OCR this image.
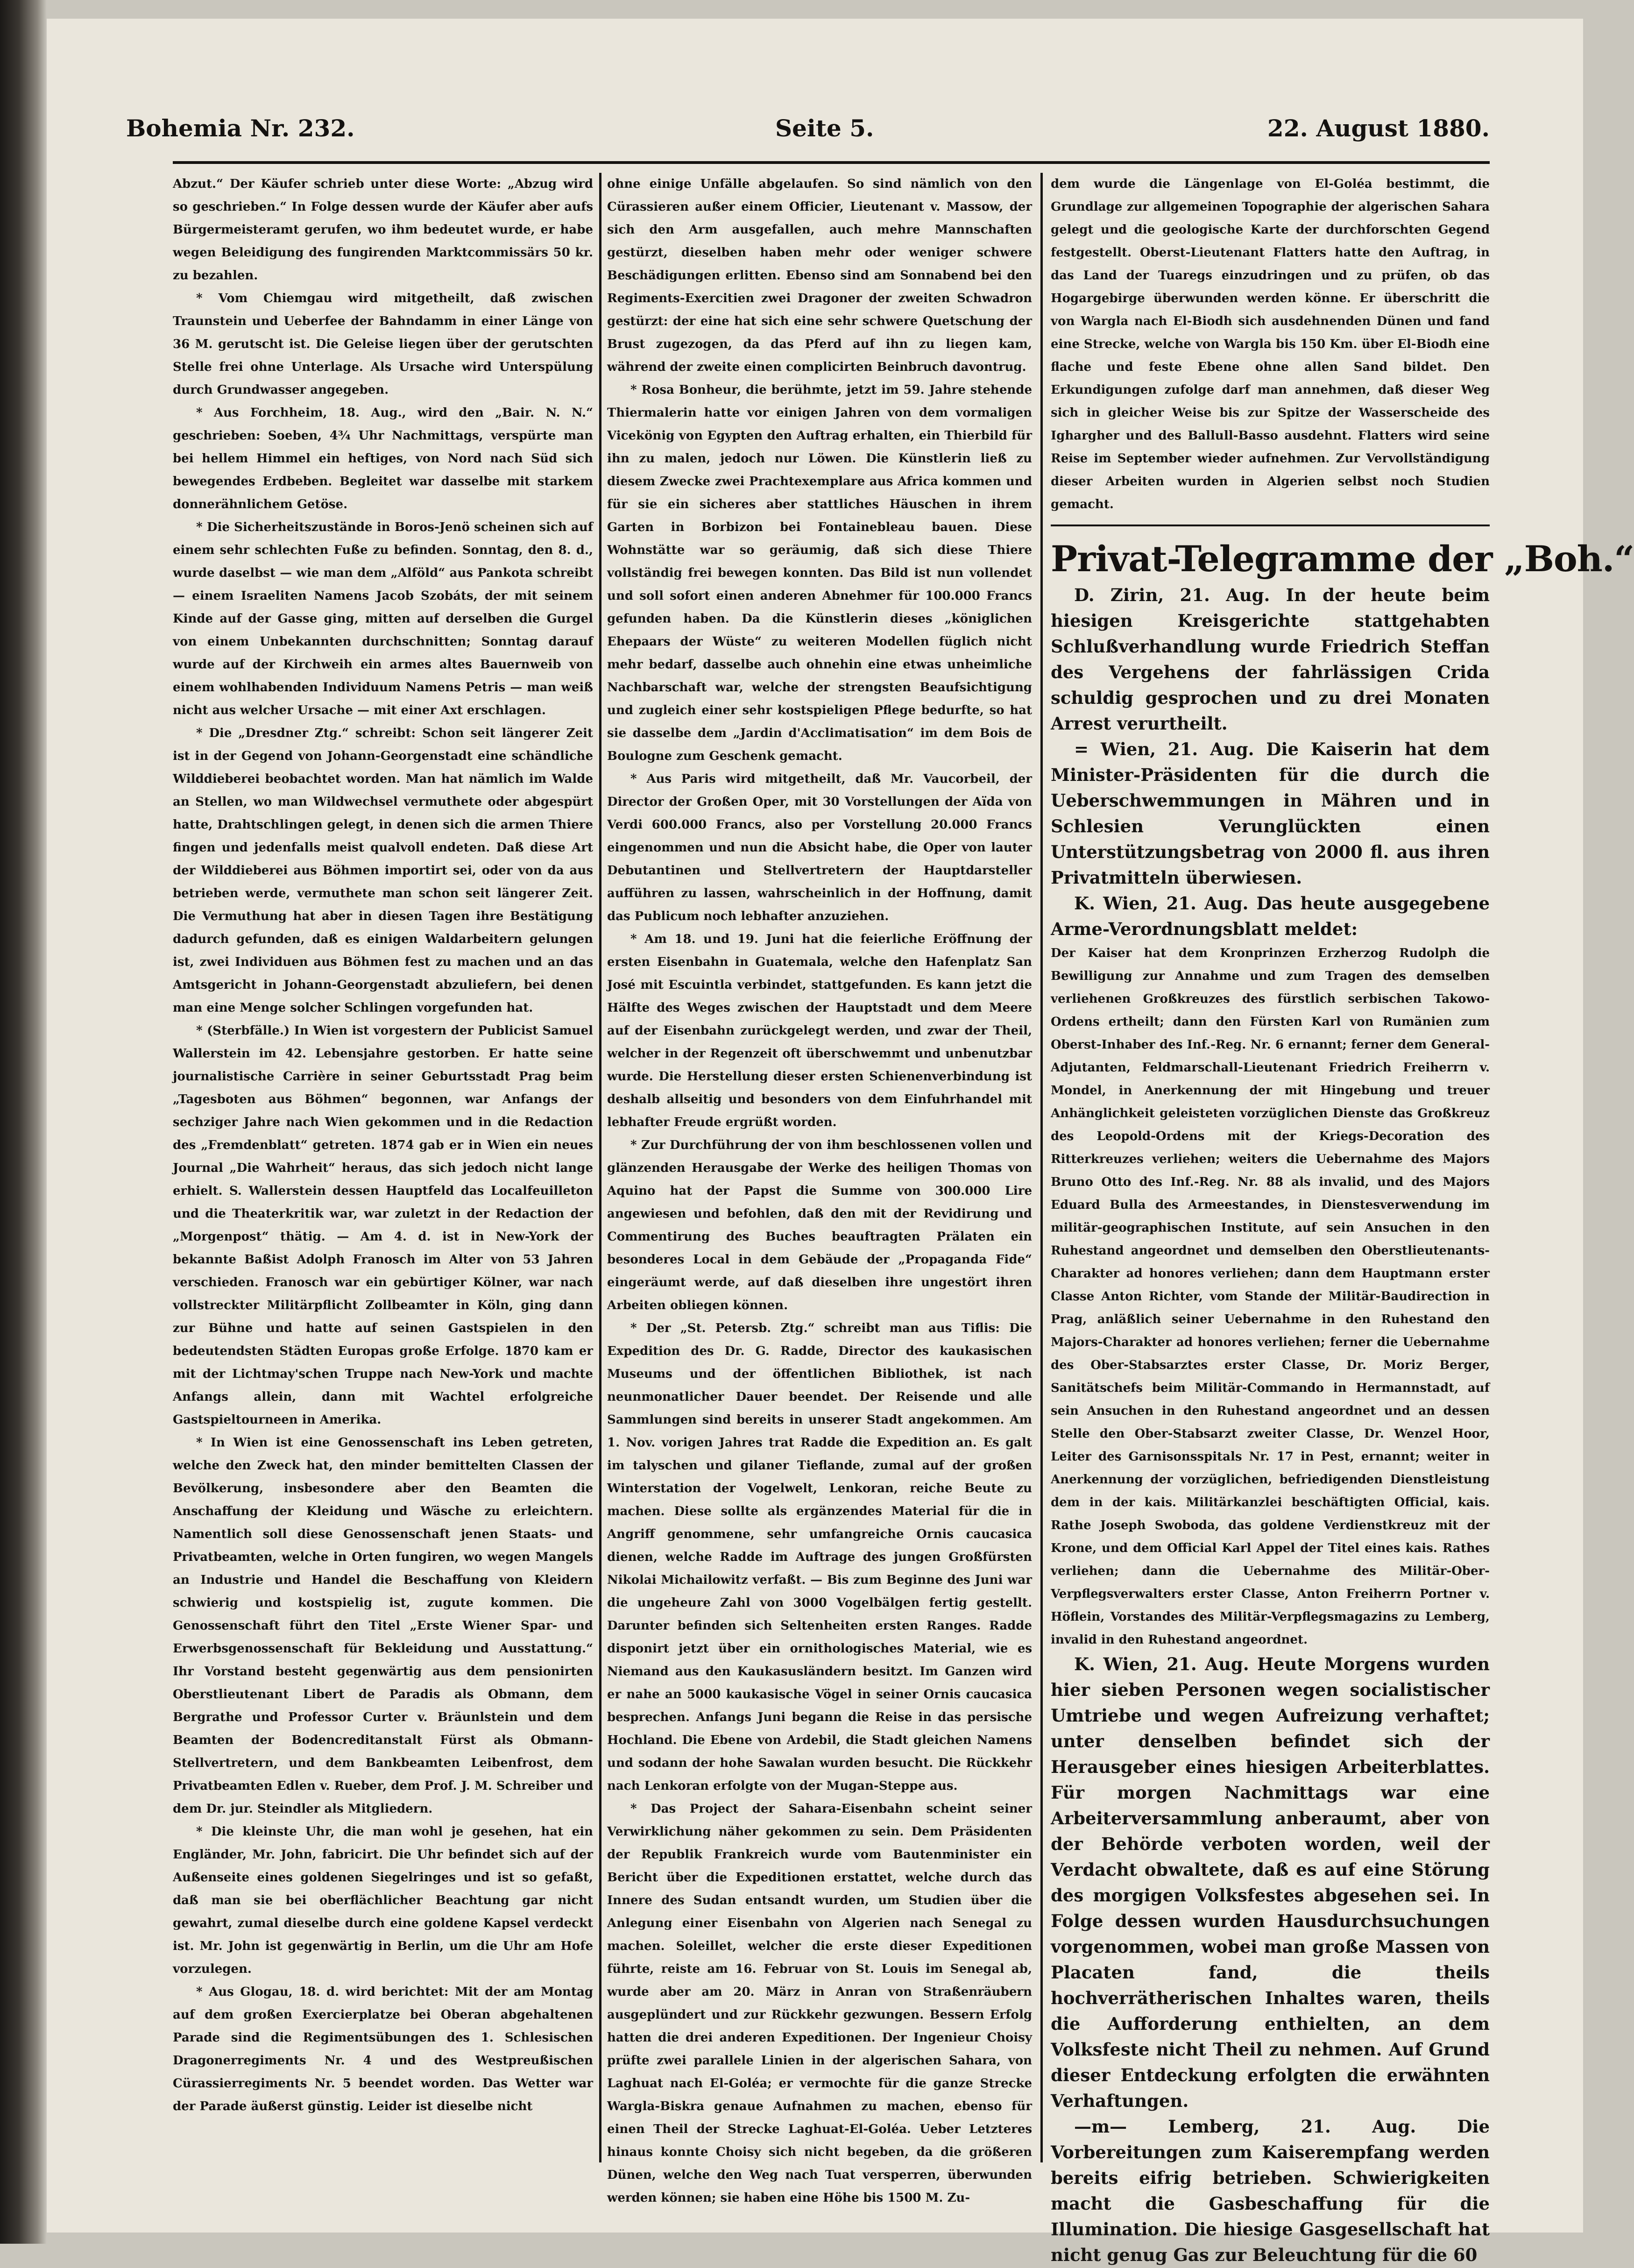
Bohemia Nr. 232.	Seite 5.	22. August 1880.

Abzut.“ Der Käufer schrieb unter diese Worte: „Abzug wird so geschrieben.“ In Folge dessen wurde der Käufer aber aufs Bürgermeisteramt gerufen, wo ihm bedeutet wurde, er habe wegen Beleidigung des fungirenden Marktcommissärs 50 kr. zu bezahlen.

* Vom Chiemgau wird mitgetheilt, daß zwischen Traunstein und Ueberfee der Bahndamm in einer Länge von 36 M. gerutscht ist. Die Geleise liegen über der gerutschten Stelle frei ohne Unterlage. Als Ursache wird Unterspülung durch Grundwasser angegeben.

* Aus Forchheim, 18. Aug., wird den „Bair. N. N.“ geschrieben: Soeben, 4¾ Uhr Nachmittags, verspürte man bei hellem Himmel ein heftiges, von Nord nach Süd sich bewegendes Erdbeben. Begleitet war dasselbe mit starkem donnerähnlichem Getöse.

* Die Sicherheitszustände in Boros-Jenö scheinen sich auf einem sehr schlechten Fuße zu befinden. Sonntag, den 8. d., wurde daselbst — wie man dem „Alföld“ aus Pankota schreibt — einem Israeliten Namens Jacob Szobáts, der mit seinem Kinde auf der Gasse ging, mitten auf derselben die Gurgel von einem Unbekannten durchschnitten; Sonntag darauf wurde auf der Kirchweih ein armes altes Bauernweib von einem wohlhabenden Individuum Namens Petris — man weiß nicht aus welcher Ursache — mit einer Axt erschlagen.

* Die „Dresdner Ztg.“ schreibt: Schon seit längerer Zeit ist in der Gegend von Johann-Georgenstadt eine schändliche Wilddieberei beobachtet worden. Man hat nämlich im Walde an Stellen, wo man Wildwechsel vermuthete oder abgespürt hatte, Drahtschlingen gelegt, in denen sich die armen Thiere fingen und jedenfalls meist qualvoll endeten. Daß diese Art der Wilddieberei aus Böhmen importirt sei, oder von da aus betrieben werde, vermuthete man schon seit längerer Zeit. Die Vermuthung hat aber in diesen Tagen ihre Bestätigung dadurch gefunden, daß es einigen Waldarbeitern gelungen ist, zwei Individuen aus Böhmen fest zu machen und an das Amtsgericht in Johann-Georgenstadt abzuliefern, bei denen man eine Menge solcher Schlingen vorgefunden hat.

* (Sterbfälle.) In Wien ist vorgestern der Publicist Samuel Wallerstein im 42. Lebensjahre gestorben. Er hatte seine journalistische Carrière in seiner Geburtsstadt Prag beim „Tagesboten aus Böhmen“ begonnen, war Anfangs der sechziger Jahre nach Wien gekommen und in die Redaction des „Fremdenblatt“ getreten. 1874 gab er in Wien ein neues Journal „Die Wahrheit“ heraus, das sich jedoch nicht lange erhielt. S. Wallerstein dessen Hauptfeld das Localfeuilleton und die Theaterkritik war, war zuletzt in der Redaction der „Morgenpost“ thätig. — Am 4. d. ist in New-York der bekannte Baßist Adolph Franosch im Alter von 53 Jahren verschieden. Franosch war ein gebürtiger Kölner, war nach vollstreckter Militärpflicht Zollbeamter in Köln, ging dann zur Bühne und hatte auf seinen Gastspielen in den bedeutendsten Städten Europas große Erfolge. 1870 kam er mit der Lichtmay'schen Truppe nach New-York und machte Anfangs allein, dann mit Wachtel erfolgreiche Gastspieltourneen in Amerika.

* In Wien ist eine Genossenschaft ins Leben getreten, welche den Zweck hat, den minder bemittelten Classen der Bevölkerung, insbesondere aber den Beamten die Anschaffung der Kleidung und Wäsche zu erleichtern. Namentlich soll diese Genossenschaft jenen Staats- und Privatbeamten, welche in Orten fungiren, wo wegen Mangels an Industrie und Handel die Beschaffung von Kleidern schwierig und kostspielig ist, zugute kommen. Die Genossenschaft führt den Titel „Erste Wiener Spar- und Erwerbsgenossenschaft für Bekleidung und Ausstattung.“ Ihr Vorstand besteht gegenwärtig aus dem pensionirten Oberstlieutenant Libert de Paradis als Obmann, dem Bergrathe und Professor Curter v. Bräunlstein und dem Beamten der Bodencreditanstalt Fürst als Obmann-Stellvertretern, und dem Bankbeamten Leibenfrost, dem Privatbeamten Edlen v. Rueber, dem Prof. J. M. Schreiber und dem Dr. jur. Steindler als Mitgliedern.

* Die kleinste Uhr, die man wohl je gesehen, hat ein Engländer, Mr. John, fabricirt. Die Uhr befindet sich auf der Außenseite eines goldenen Siegelringes und ist so gefaßt, daß man sie bei oberflächlicher Beachtung gar nicht gewahrt, zumal dieselbe durch eine goldene Kapsel verdeckt ist. Mr. John ist gegenwärtig in Berlin, um die Uhr am Hofe vorzulegen.

* Aus Glogau, 18. d. wird berichtet: Mit der am Montag auf dem großen Exercierplatze bei Oberan abgehaltenen Parade sind die Regimentsübungen des 1. Schlesischen Dragonerregiments Nr. 4 und des Westpreußischen Cürassierregiments Nr. 5 beendet worden. Das Wetter war der Parade äußerst günstig. Leider ist dieselbe nicht

ohne einige Unfälle abgelaufen. So sind nämlich von den Cürassieren außer einem Officier, Lieutenant v. Massow, der sich den Arm ausgefallen, auch mehre Mannschaften gestürzt, dieselben haben mehr oder weniger schwere Beschädigungen erlitten. Ebenso sind am Sonnabend bei den Regiments-Exercitien zwei Dragoner der zweiten Schwadron gestürzt: der eine hat sich eine sehr schwere Quetschung der Brust zugezogen, da das Pferd auf ihn zu liegen kam, während der zweite einen complicirten Beinbruch davontrug.

* Rosa Bonheur, die berühmte, jetzt im 59. Jahre stehende Thiermalerin hatte vor einigen Jahren von dem vormaligen Vicekönig von Egypten den Auftrag erhalten, ein Thierbild für ihn zu malen, jedoch nur Löwen. Die Künstlerin ließ zu diesem Zwecke zwei Prachtexemplare aus Africa kommen und für sie ein sicheres aber stattliches Häuschen in ihrem Garten in Borbizon bei Fontainebleau bauen. Diese Wohnstätte war so geräumig, daß sich diese Thiere vollständig frei bewegen konnten. Das Bild ist nun vollendet und soll sofort einen anderen Abnehmer für 100.000 Francs gefunden haben. Da die Künstlerin dieses „königlichen Ehepaars der Wüste“ zu weiteren Modellen füglich nicht mehr bedarf, dasselbe auch ohnehin eine etwas unheimliche Nachbarschaft war, welche der strengsten Beaufsichtigung und zugleich einer sehr kostspieligen Pflege bedurfte, so hat sie dasselbe dem „Jardin d'Acclimatisation“ im dem Bois de Boulogne zum Geschenk gemacht.

* Aus Paris wird mitgetheilt, daß Mr. Vaucorbeil, der Director der Großen Oper, mit 30 Vorstellungen der Aïda von Verdi 600.000 Francs, also per Vorstellung 20.000 Francs eingenommen und nun die Absicht habe, die Oper von lauter Debutantinen und Stellvertretern der Hauptdarsteller aufführen zu lassen, wahrscheinlich in der Hoffnung, damit das Publicum noch lebhafter anzuziehen.

* Am 18. und 19. Juni hat die feierliche Eröffnung der ersten Eisenbahn in Guatemala, welche den Hafenplatz San José mit Escuintla verbindet, stattgefunden. Es kann jetzt die Hälfte des Weges zwischen der Hauptstadt und dem Meere auf der Eisenbahn zurückgelegt werden, und zwar der Theil, welcher in der Regenzeit oft überschwemmt und unbenutzbar wurde. Die Herstellung dieser ersten Schienenverbindung ist deshalb allseitig und besonders von dem Einfuhrhandel mit lebhafter Freude ergrüßt worden.

* Zur Durchführung der von ihm beschlossenen vollen und glänzenden Herausgabe der Werke des heiligen Thomas von Aquino hat der Papst die Summe von 300.000 Lire angewiesen und befohlen, daß den mit der Revidirung und Commentirung des Buches beauftragten Prälaten ein besonderes Local in dem Gebäude der „Propaganda Fide“ eingeräumt werde, auf daß dieselben ihre ungestört ihren Arbeiten obliegen können.

* Der „St. Petersb. Ztg.“ schreibt man aus Tiflis: Die Expedition des Dr. G. Radde, Director des kaukasischen Museums und der öffentlichen Bibliothek, ist nach neunmonatlicher Dauer beendet. Der Reisende und alle Sammlungen sind bereits in unserer Stadt angekommen. Am 1. Nov. vorigen Jahres trat Radde die Expedition an. Es galt im talyschen und gilaner Tieflande, zumal auf der großen Winterstation der Vogelwelt, Lenkoran, reiche Beute zu machen. Diese sollte als ergänzendes Material für die in Angriff genommene, sehr umfangreiche Ornis caucasica dienen, welche Radde im Auftrage des jungen Großfürsten Nikolai Michailowitz verfaßt. — Bis zum Beginne des Juni war die ungeheure Zahl von 3000 Vogelbälgen fertig gestellt. Darunter befinden sich Seltenheiten ersten Ranges. Radde disponirt jetzt über ein ornithologisches Material, wie es Niemand aus den Kaukasusländern besitzt. Im Ganzen wird er nahe an 5000 kaukasische Vögel in seiner Ornis caucasica besprechen. Anfangs Juni begann die Reise in das persische Hochland. Die Ebene von Ardebil, die Stadt gleichen Namens und sodann der hohe Sawalan wurden besucht. Die Rückkehr nach Lenkoran erfolgte von der Mugan-Steppe aus.

* Das Project der Sahara-Eisenbahn scheint seiner Verwirklichung näher gekommen zu sein. Dem Präsidenten der Republik Frankreich wurde vom Bautenminister ein Bericht über die Expeditionen erstattet, welche durch das Innere des Sudan entsandt wurden, um Studien über die Anlegung einer Eisenbahn von Algerien nach Senegal zu machen. Soleillet, welcher die erste dieser Expeditionen führte, reiste am 16. Februar von St. Louis im Senegal ab, wurde aber am 20. März in Anran von Straßenräubern ausgeplündert und zur Rückkehr gezwungen. Bessern Erfolg hatten die drei anderen Expeditionen. Der Ingenieur Choisy prüfte zwei parallele Linien in der algerischen Sahara, von Laghuat nach El-Goléa; er vermochte für die ganze Strecke Wargla-Biskra genaue Aufnahmen zu machen, ebenso für einen Theil der Strecke Laghuat-El-Goléa. Ueber Letzteres hinaus konnte Choisy sich nicht begeben, da die größeren Dünen, welche den Weg nach Tuat versperren, überwunden werden können; sie haben eine Höhe bis 1500 M. Zu-

dem wurde die Längenlage von El-Goléa bestimmt, die Grundlage zur allgemeinen Topographie der algerischen Sahara gelegt und die geologische Karte der durchforschten Gegend festgestellt. Oberst-Lieutenant Flatters hatte den Auftrag, in das Land der Tuaregs einzudringen und zu prüfen, ob das Hogargebirge überwunden werden könne. Er überschritt die von Wargla nach El-Biodh sich ausdehnenden Dünen und fand eine Strecke, welche von Wargla bis 150 Km. über El-Biodh eine flache und feste Ebene ohne allen Sand bildet. Den Erkundigungen zufolge darf man annehmen, daß dieser Weg sich in gleicher Weise bis zur Spitze der Wasserscheide des Ighargher und des Ballull-Basso ausdehnt. Flatters wird seine Reise im September wieder aufnehmen. Zur Vervollständigung dieser Arbeiten wurden in Algerien selbst noch Studien gemacht.

Privat-Telegramme der „Boh.“

D. Zirin, 21. Aug. In der heute beim hiesigen Kreisgerichte stattgehabten Schlußverhandlung wurde Friedrich Steffan des Vergehens der fahrlässigen Crida schuldig gesprochen und zu drei Monaten Arrest verurtheilt.

= Wien, 21. Aug. Die Kaiserin hat dem Minister-Präsidenten für die durch die Ueberschwemmungen in Mähren und in Schlesien Verunglückten einen Unterstützungsbetrag von 2000 fl. aus ihren Privatmitteln überwiesen.

K. Wien, 21. Aug. Das heute ausgegebene Arme-Verordnungsblatt meldet:

Der Kaiser hat dem Kronprinzen Erzherzog Rudolph die Bewilligung zur Annahme und zum Tragen des demselben verliehenen Großkreuzes des fürstlich serbischen Takowo-Ordens ertheilt; dann den Fürsten Karl von Rumänien zum Oberst-Inhaber des Inf.-Reg. Nr. 6 ernannt; ferner dem General-Adjutanten, Feldmarschall-Lieutenant Friedrich Freiherrn v. Mondel, in Anerkennung der mit Hingebung und treuer Anhänglichkeit geleisteten vorzüglichen Dienste das Großkreuz des Leopold-Ordens mit der Kriegs-Decoration des Ritterkreuzes verliehen; weiters die Uebernahme des Majors Bruno Otto des Inf.-Reg. Nr. 88 als invalid, und des Majors Eduard Bulla des Armeestandes, in Dienstesverwendung im militär-geographischen Institute, auf sein Ansuchen in den Ruhestand angeordnet und demselben den Oberstlieutenants-Charakter ad honores verliehen; dann dem Hauptmann erster Classe Anton Richter, vom Stande der Militär-Baudirection in Prag, anläßlich seiner Uebernahme in den Ruhestand den Majors-Charakter ad honores verliehen; ferner die Uebernahme des Ober-Stabsarztes erster Classe, Dr. Moriz Berger, Sanitätschefs beim Militär-Commando in Hermannstadt, auf sein Ansuchen in den Ruhestand angeordnet und an dessen Stelle den Ober-Stabsarzt zweiter Classe, Dr. Wenzel Hoor, Leiter des Garnisonsspitals Nr. 17 in Pest, ernannt; weiter in Anerkennung der vorzüglichen, befriedigenden Dienstleistung dem in der kais. Militärkanzlei beschäftigten Official, kais. Rathe Joseph Swoboda, das goldene Verdienstkreuz mit der Krone, und dem Official Karl Appel der Titel eines kais. Rathes verliehen; dann die Uebernahme des Militär-Ober-Verpflegsverwalters erster Classe, Anton Freiherrn Portner v. Höflein, Vorstandes des Militär-Verpflegsmagazins zu Lemberg, invalid in den Ruhestand angeordnet.

K. Wien, 21. Aug. Heute Morgens wurden hier sieben Personen wegen socialistischer Umtriebe und wegen Aufreizung verhaftet; unter denselben befindet sich der Herausgeber eines hiesigen Arbeiterblattes. Für morgen Nachmittags war eine Arbeiterversammlung anberaumt, aber von der Behörde verboten worden, weil der Verdacht obwaltete, daß es auf eine Störung des morgigen Volksfestes abgesehen sei. In Folge dessen wurden Hausdurchsuchungen vorgenommen, wobei man große Massen von Placaten fand, die theils hochverrätherischen Inhaltes waren, theils die Aufforderung enthielten, an dem Volksfeste nicht Theil zu nehmen. Auf Grund dieser Entdeckung erfolgten die erwähnten Verhaftungen.

—m— Lemberg, 21. Aug. Die Vorbereitungen zum Kaiserempfang werden bereits eifrig betrieben. Schwierigkeiten macht die Gasbeschaffung für die Illumination. Die hiesige Gasgesellschaft hat nicht genug Gas zur Beleuchtung für die 60
